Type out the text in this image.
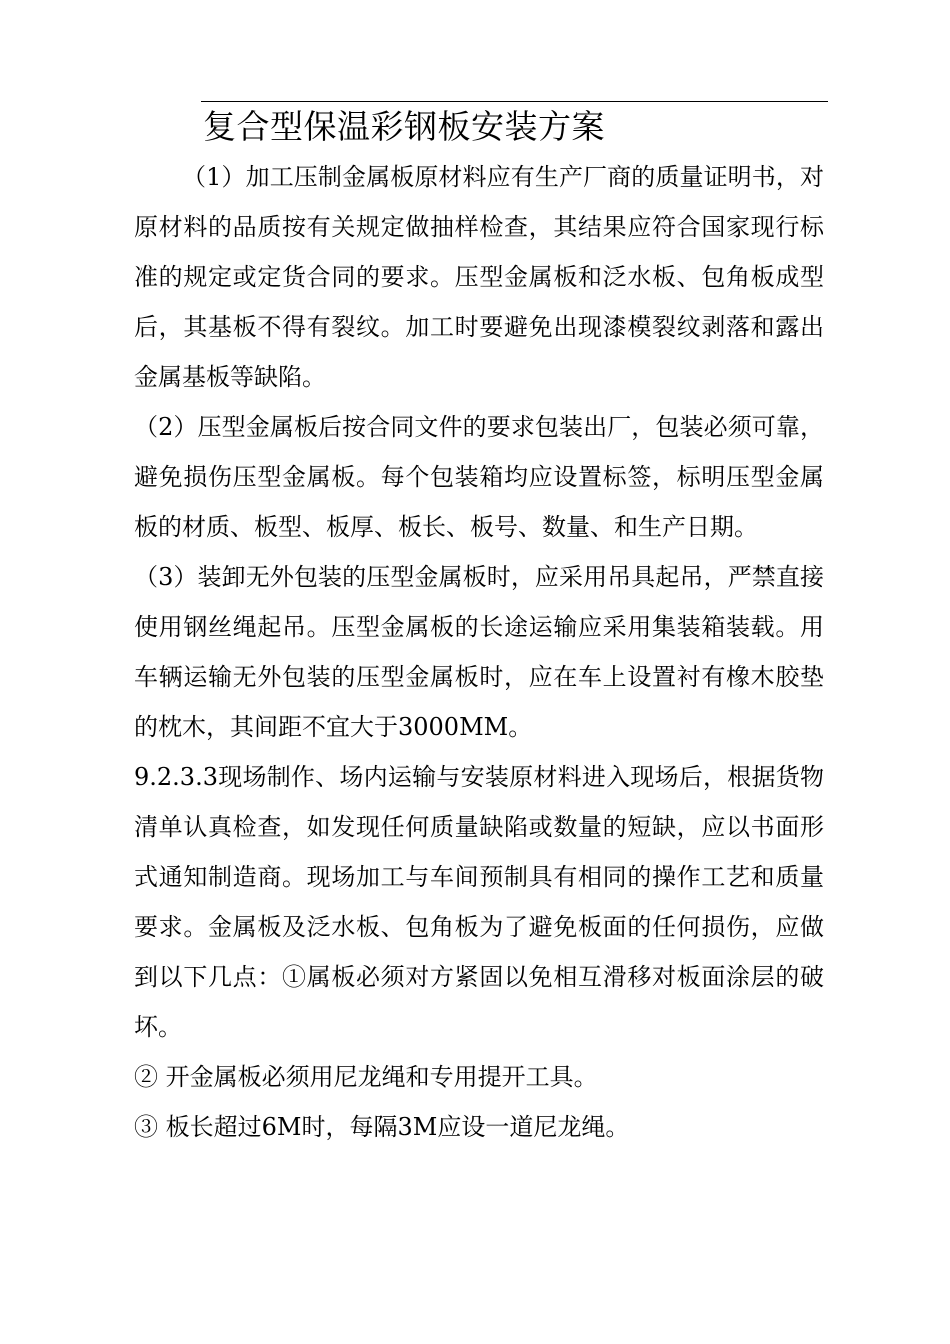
复合型保温彩钢板安装方案

（1）加工压制金属板原材料应有生产厂商的质量证明书，对原材料的品质按有关规定做抽样检查，其结果应符合国家现行标准的规定或定货合同的要求。压型金属板和泛水板、包角板成型后，其基板不得有裂纹。加工时要避免出现漆模裂纹剥落和露出金属基板等缺陷。

（2）压型金属板后按合同文件的要求包装出厂，包装必须可靠，避免损伤压型金属板。每个包装箱均应设置标签，标明压型金属板的材质、板型、板厚、板长、板号、数量、和生产日期。

（3）装卸无外包装的压型金属板时，应采用吊具起吊，严禁直接使用钢丝绳起吊。压型金属板的长途运输应采用集装箱装载。用车辆运输无外包装的压型金属板时，应在车上设置衬有橡木胶垫的枕木，其间距不宜大于3000MM。

9.2.3.3现场制作、场内运输与安装原材料进入现场后，根据货物清单认真检查，如发现任何质量缺陷或数量的短缺，应以书面形式通知制造商。现场加工与车间预制具有相同的操作工艺和质量要求。金属板及泛水板、包角板为了避免板面的任何损伤，应做到以下几点：①属板必须对方紧固以免相互滑移对板面涂层的破坏。

② 开金属板必须用尼龙绳和专用提开工具。

③ 板长超过6M时，每隔3M应设一道尼龙绳。
